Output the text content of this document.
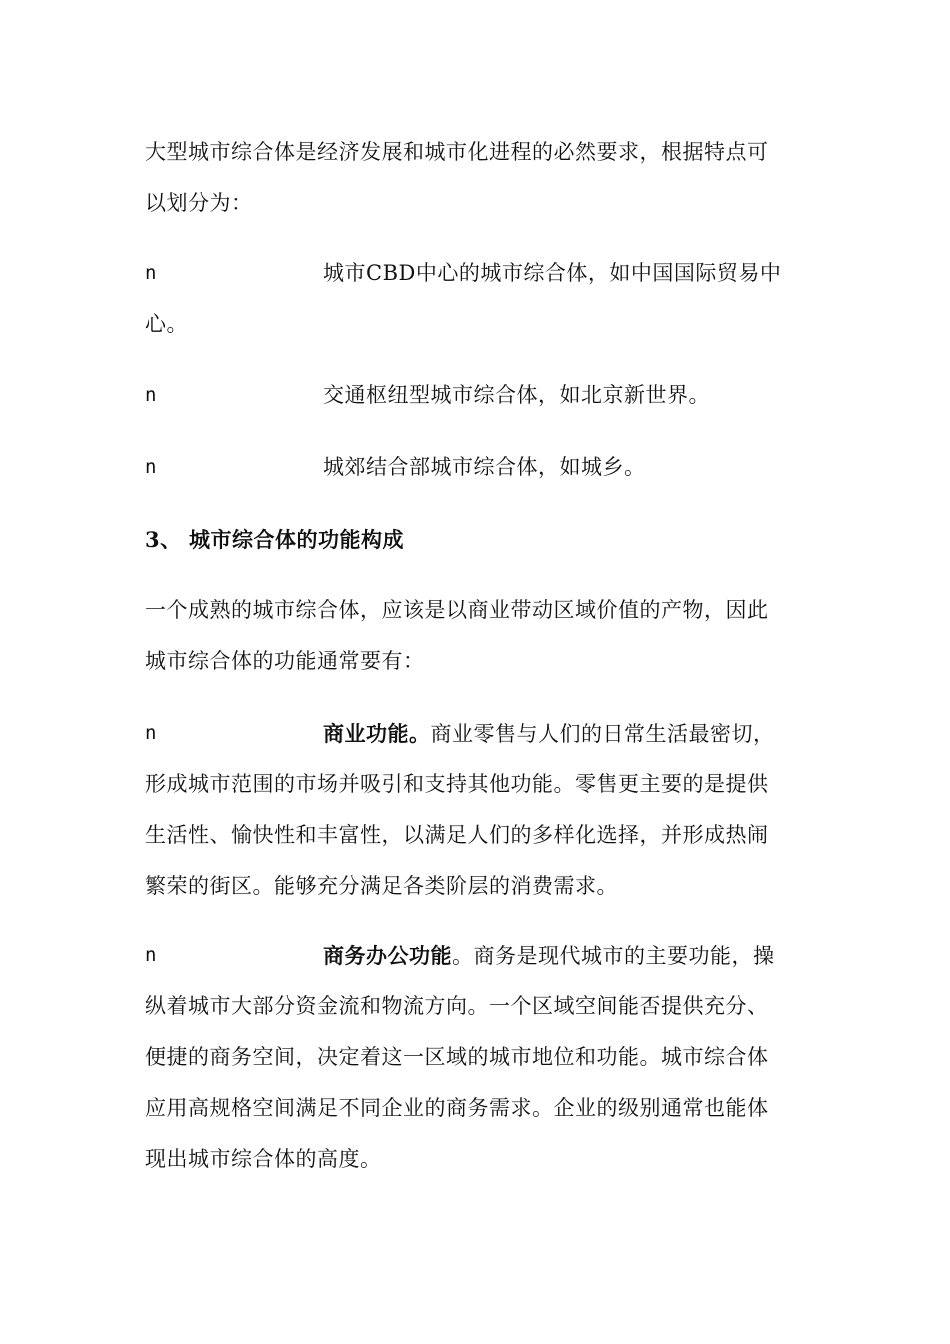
大型城市综合体是经济发展和城市化进程的必然要求，根据特点可
以划分为：
n	城市CBD中心的城市综合体，如中国国际贸易中
心。
n	交通枢纽型城市综合体，如北京新世界。
n	城郊结合部城市综合体，如城乡。
3、 城市综合体的功能构成
一个成熟的城市综合体，应该是以商业带动区域价值的产物，因此
城市综合体的功能通常要有：
n	商业功能。商业零售与人们的日常生活最密切，
形成城市范围的市场并吸引和支持其他功能。零售更主要的是提供
生活性、愉快性和丰富性，以满足人们的多样化选择，并形成热闹
繁荣的街区。能够充分满足各类阶层的消费需求。
n	商务办公功能。商务是现代城市的主要功能，操
纵着城市大部分资金流和物流方向。一个区域空间能否提供充分、
便捷的商务空间，决定着这一区域的城市地位和功能。城市综合体
应用高规格空间满足不同企业的商务需求。企业的级别通常也能体
现出城市综合体的高度。
